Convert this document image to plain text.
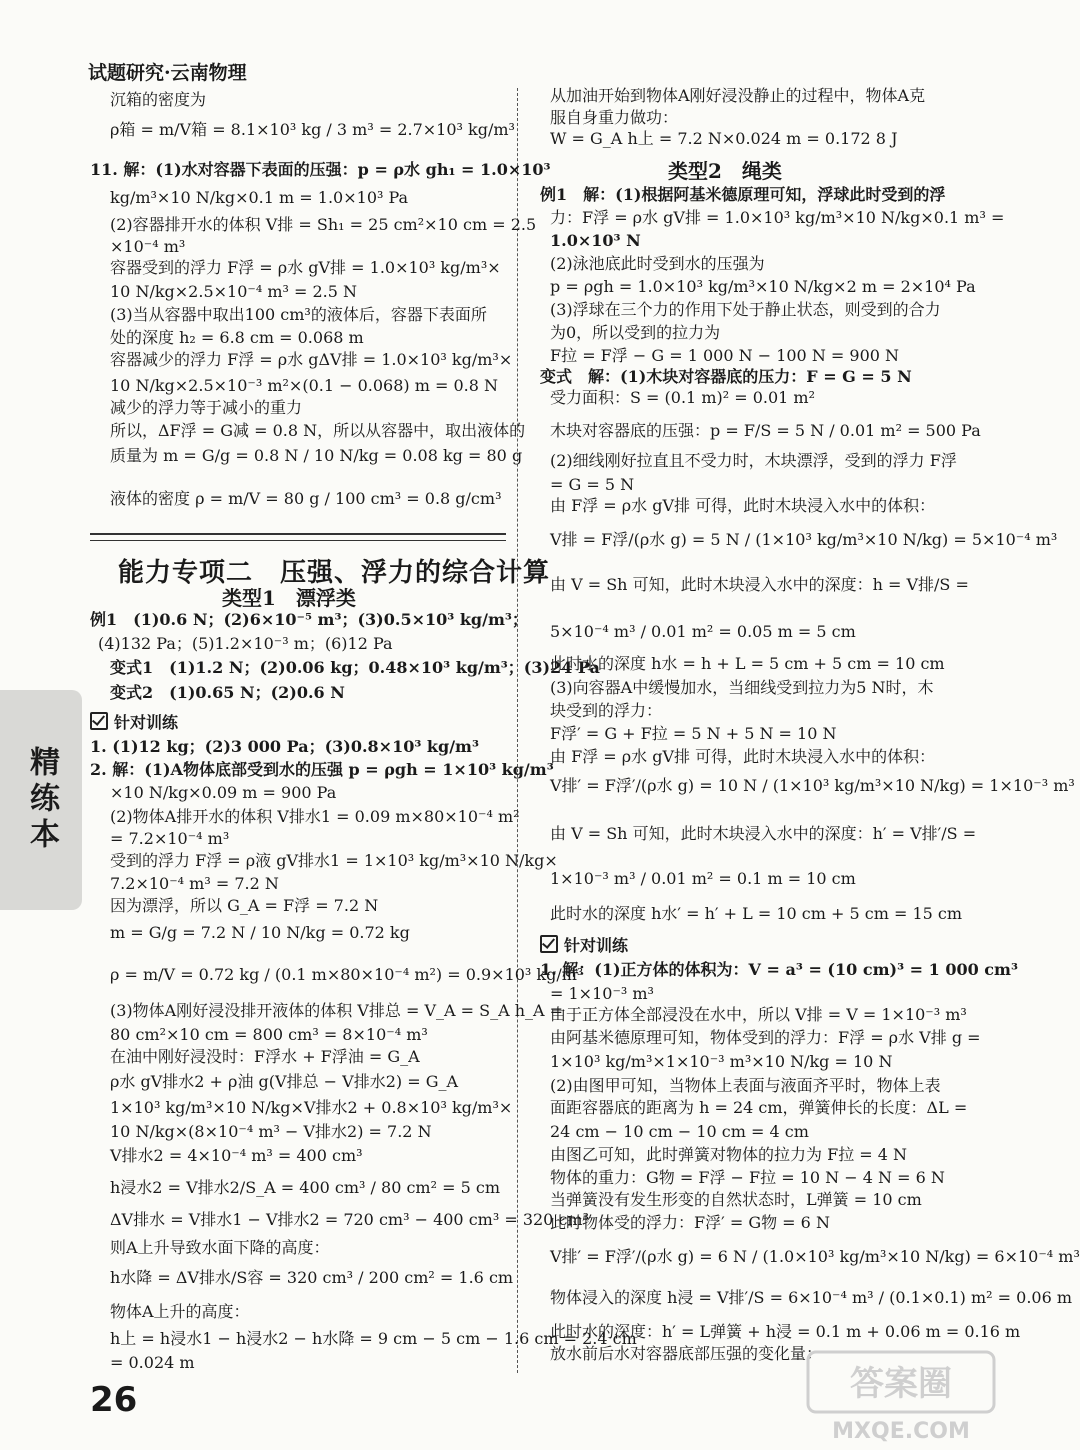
试题研究·云南物理
沉箱的密度为
ρ箱 = m/V箱 = 8.1×10³ kg / 3 m³ = 2.7×10³ kg/m³
11. 解：(1)水对容器下表面的压强：p = ρ水 gh₁ = 1.0×10³
kg/m³×10 N/kg×0.1 m = 1.0×10³ Pa
(2)容器排开水的体积 V排 = Sh₁ = 25 cm²×10 cm = 2.5
×10⁻⁴ m³
容器受到的浮力 F浮 = ρ水 gV排 = 1.0×10³ kg/m³×
10 N/kg×2.5×10⁻⁴ m³ = 2.5 N
(3)当从容器中取出100 cm³的液体后，容器下表面所
处的深度 h₂ = 6.8 cm = 0.068 m
容器减少的浮力 F浮 = ρ水 gΔV排 = 1.0×10³ kg/m³×
10 N/kg×2.5×10⁻³ m²×(0.1 − 0.068) m = 0.8 N
减少的浮力等于减小的重力
所以，ΔF浮 = G减 = 0.8 N，所以从容器中，取出液体的
质量为 m = G/g = 0.8 N / 10 N/kg = 0.08 kg = 80 g
液体的密度 ρ = m/V = 80 g / 100 cm³ = 0.8 g/cm³
例1　(1)0.6 N；(2)6×10⁻⁵ m³；(3)0.5×10³ kg/m³；
(4)132 Pa；(5)1.2×10⁻³ m；(6)12 Pa
变式1　(1)1.2 N；(2)0.06 kg；0.48×10³ kg/m³；(3)24 Pa
变式2　(1)0.65 N；(2)0.6 N
针对训练
1. (1)12 kg；(2)3 000 Pa；(3)0.8×10³ kg/m³
2. 解：(1)A物体底部受到水的压强 p = ρgh = 1×10³ kg/m³
×10 N/kg×0.09 m = 900 Pa
(2)物体A排开水的体积 V排水1 = 0.09 m×80×10⁻⁴ m²
= 7.2×10⁻⁴ m³
受到的浮力 F浮 = ρ液 gV排水1 = 1×10³ kg/m³×10 N/kg×
7.2×10⁻⁴ m³ = 7.2 N
因为漂浮，所以 G_A = F浮 = 7.2 N
m = G/g = 7.2 N / 10 N/kg = 0.72 kg
ρ = m/V = 0.72 kg / (0.1 m×80×10⁻⁴ m²) = 0.9×10³ kg/m³
(3)物体A刚好浸没排开液体的体积 V排总 = V_A = S_A h_A =
80 cm²×10 cm = 800 cm³ = 8×10⁻⁴ m³
在油中刚好浸没时：F浮水 + F浮油 = G_A
ρ水 gV排水2 + ρ油 g(V排总 − V排水2) = G_A
1×10³ kg/m³×10 N/kg×V排水2 + 0.8×10³ kg/m³×
10 N/kg×(8×10⁻⁴ m³ − V排水2) = 7.2 N
V排水2 = 4×10⁻⁴ m³ = 400 cm³
h浸水2 = V排水2/S_A = 400 cm³ / 80 cm² = 5 cm
ΔV排水 = V排水1 − V排水2 = 720 cm³ − 400 cm³ = 320 cm³
则A上升导致水面下降的高度：
h水降 = ΔV排水/S容 = 320 cm³ / 200 cm² = 1.6 cm
物体A上升的高度：
h上 = h浸水1 − h浸水2 − h水降 = 9 cm − 5 cm − 1.6 cm = 2.4 cm
= 0.024 m
从加油开始到物体A刚好浸没静止的过程中，物体A克
服自身重力做功：
W = G_A h上 = 7.2 N×0.024 m = 0.172 8 J
例1　解：(1)根据阿基米德原理可知，浮球此时受到的浮
力：F浮 = ρ水 gV排 = 1.0×10³ kg/m³×10 N/kg×0.1 m³ =
1.0×10³ N
(2)泳池底此时受到水的压强为
p = ρgh = 1.0×10³ kg/m³×10 N/kg×2 m = 2×10⁴ Pa
(3)浮球在三个力的作用下处于静止状态，则受到的合力
为0，所以受到的拉力为
F拉 = F浮 − G = 1 000 N − 100 N = 900 N
变式　解：(1)木块对容器底的压力：F = G = 5 N
受力面积：S = (0.1 m)² = 0.01 m²
木块对容器底的压强：p = F/S = 5 N / 0.01 m² = 500 Pa
(2)细线刚好拉直且不受力时，木块漂浮，受到的浮力 F浮
= G = 5 N
由 F浮 = ρ水 gV排 可得，此时木块浸入水中的体积：
V排 = F浮/(ρ水 g) = 5 N / (1×10³ kg/m³×10 N/kg) = 5×10⁻⁴ m³
由 V = Sh 可知，此时木块浸入水中的深度：h = V排/S =
5×10⁻⁴ m³ / 0.01 m² = 0.05 m = 5 cm
此时水的深度 h水 = h + L = 5 cm + 5 cm = 10 cm
(3)向容器A中缓慢加水，当细线受到拉力为5 N时，木
块受到的浮力：
F浮′ = G + F拉 = 5 N + 5 N = 10 N
由 F浮 = ρ水 gV排 可得，此时木块浸入水中的体积：
V排′ = F浮′/(ρ水 g) = 10 N / (1×10³ kg/m³×10 N/kg) = 1×10⁻³ m³
由 V = Sh 可知，此时木块浸入水中的深度：h′ = V排′/S =
1×10⁻³ m³ / 0.01 m² = 0.1 m = 10 cm
此时水的深度 h水′ = h′ + L = 10 cm + 5 cm = 15 cm
针对训练
1. 解：(1)正方体的体积为：V = a³ = (10 cm)³ = 1 000 cm³
= 1×10⁻³ m³
由于正方体全部浸没在水中，所以 V排 = V = 1×10⁻³ m³
由阿基米德原理可知，物体受到的浮力：F浮 = ρ水 V排 g =
1×10³ kg/m³×1×10⁻³ m³×10 N/kg = 10 N
(2)由图甲可知，当物体上表面与液面齐平时，物体上表
面距容器底的距离为 h = 24 cm，弹簧伸长的长度：ΔL =
24 cm − 10 cm − 10 cm = 4 cm
由图乙可知，此时弹簧对物体的拉力为 F拉 = 4 N
物体的重力：G物 = F浮 − F拉 = 10 N − 4 N = 6 N
当弹簧没有发生形变的自然状态时，L弹簧 = 10 cm
此时物体受的浮力：F浮′ = G物 = 6 N
V排′ = F浮′/(ρ水 g) = 6 N / (1.0×10³ kg/m³×10 N/kg) = 6×10⁻⁴ m³
物体浸入的深度 h浸 = V排′/S = 6×10⁻⁴ m³ / (0.1×0.1) m² = 0.06 m
此时水的深度：h′ = L弹簧 + h浸 = 0.1 m + 0.06 m = 0.16 m
放水前后水对容器底部压强的变化量：
能力专项二　压强、浮力的综合计算
类型1　漂浮类
类型2　绳类
精练本
26	答案圈
MXQE.COM
